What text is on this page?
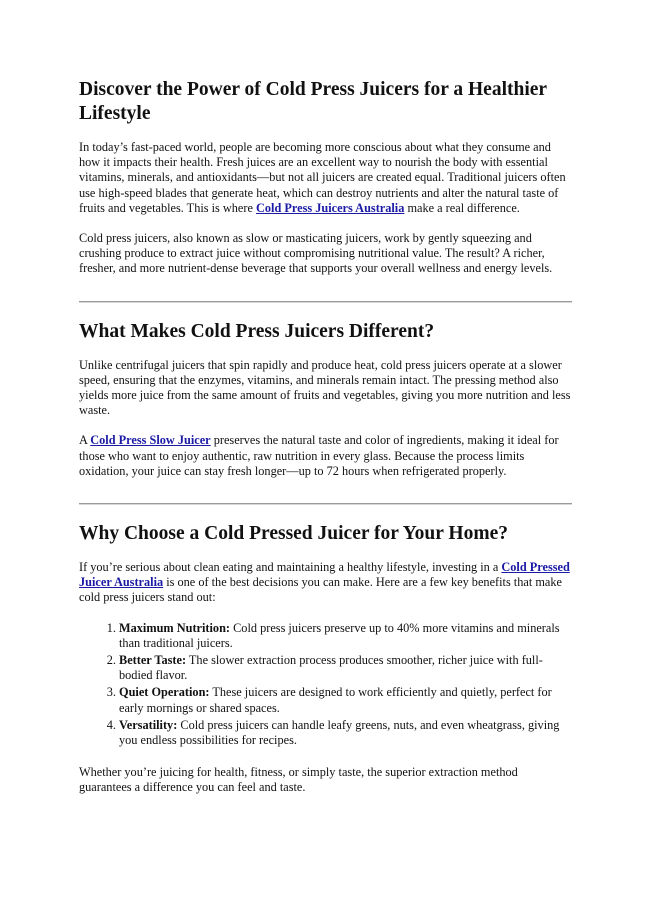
Discover the Power of Cold Press Juicers for a Healthier Lifestyle

In today’s fast-paced world, people are becoming more conscious about what they consume and how it impacts their health. Fresh juices are an excellent way to nourish the body with essential vitamins, minerals, and antioxidants—but not all juicers are created equal. Traditional juicers often use high-speed blades that generate heat, which can destroy nutrients and alter the natural taste of fruits and vegetables. This is where Cold Press Juicers Australia make a real difference.

Cold press juicers, also known as slow or masticating juicers, work by gently squeezing and crushing produce to extract juice without compromising nutritional value. The result? A richer, fresher, and more nutrient-dense beverage that supports your overall wellness and energy levels.

What Makes Cold Press Juicers Different?

Unlike centrifugal juicers that spin rapidly and produce heat, cold press juicers operate at a slower speed, ensuring that the enzymes, vitamins, and minerals remain intact. The pressing method also yields more juice from the same amount of fruits and vegetables, giving you more nutrition and less waste.

A Cold Press Slow Juicer preserves the natural taste and color of ingredients, making it ideal for those who want to enjoy authentic, raw nutrition in every glass. Because the process limits oxidation, your juice can stay fresh longer—up to 72 hours when refrigerated properly.

Why Choose a Cold Pressed Juicer for Your Home?

If you’re serious about clean eating and maintaining a healthy lifestyle, investing in a Cold Pressed Juicer Australia is one of the best decisions you can make. Here are a few key benefits that make cold press juicers stand out:

1. Maximum Nutrition: Cold press juicers preserve up to 40% more vitamins and minerals than traditional juicers.
2. Better Taste: The slower extraction process produces smoother, richer juice with full-bodied flavor.
3. Quiet Operation: These juicers are designed to work efficiently and quietly, perfect for early mornings or shared spaces.
4. Versatility: Cold press juicers can handle leafy greens, nuts, and even wheatgrass, giving you endless possibilities for recipes.

Whether you’re juicing for health, fitness, or simply taste, the superior extraction method guarantees a difference you can feel and taste.
